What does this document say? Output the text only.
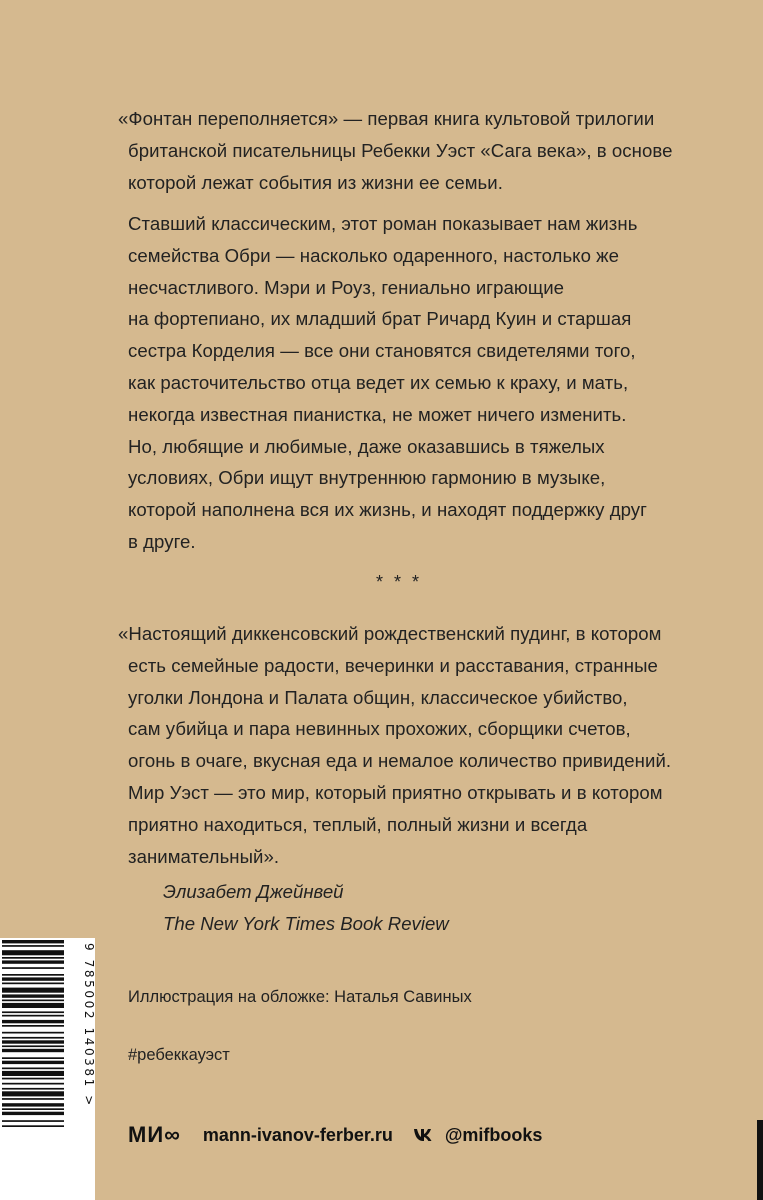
«Фонтан переполняется» — первая книга культовой трилогии
британской писательницы Ребекки Уэст «Сага века», в основе
которой лежат события из жизни ее семьи.
Ставший классическим, этот роман показывает нам жизнь
семейства Обри — насколько одаренного, настолько же
несчастливого. Мэри и Роуз, гениально играющие
на фортепиано, их младший брат Ричард Куин и старшая
сестра Корделия — все они становятся свидетелями того,
как расточительство отца ведет их семью к краху, и мать,
некогда известная пианистка, не может ничего изменить.
Но, любящие и любимые, даже оказавшись в тяжелых
условиях, Обри ищут внутреннюю гармонию в музыке,
которой наполнена вся их жизнь, и находят поддержку друг
в друге.
* * *
«Настоящий диккенсовский рождественский пудинг, в котором
есть семейные радости, вечеринки и расставания, странные
уголки Лондона и Палата общин, классическое убийство,
сам убийца и пара невинных прохожих, сборщики счетов,
огонь в очаге, вкусная еда и немалое количество привидений.
Мир Уэст — это мир, который приятно открывать и в котором
приятно находиться, теплый, полный жизни и всегда
занимательный».
Элизабет Джейнвей
The New York Times Book Review
9 785002 140381 > Иллюстрация на обложке: Наталья Савиных
#ребеккауэст
МИ∞ mann-ivanov-ferber.ru	@mifbooks
